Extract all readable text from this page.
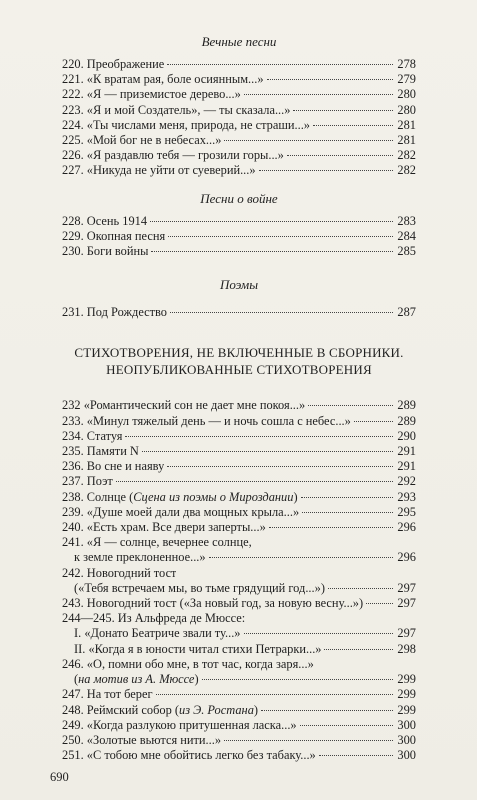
Вечные песни

220.
Преображение	278
221.
«К вратам рая, боле осиянным...»	279
222.
«Я — приземистое дерево...»	280
223.
«Я и мой Создатель», — ты сказала...»	280
224.
«Ты числами меня, природа, не страши...»	281
225.
«Мой бог не в небесах...»	281
226.
«Я раздавлю тебя — грозили горы...»	282
227.
«Никуда не уйти от суеверий...»	282

Песни о войне

228.
Осень 1914	283
229.
Окопная песня	284
230.
Боги войны	285

Поэмы

231.
Под Рождество	287

СТИХОТВОРЕНИЯ, НЕ ВКЛЮЧЕННЫЕ В СБОРНИКИ.

НЕОПУБЛИКОВАННЫЕ СТИХОТВОРЕНИЯ

232
«Романтический сон не дает мне покоя...»	289
233.
«Минул тяжелый день — и ночь сошла с небес...»	289
234.
Статуя	290
235.
Памяти N	291
236.
Во сне и наяву	291
237.
Поэт	292
238.
Солнце (Сцена из поэмы о Мироздании)	293
239.
«Душе моей дали два мощных крыла...»	295
240.
«Есть храм. Все двери заперты...»	296
241.
«Я — солнце, вечернее солнце,
к земле преклоненное...»	296
242.
Новогодний тост
(«Тебя встречаем мы, во тьме грядущий год...»)	297
243.
Новогодний тост («За новый год, за новую весну...»)	297
244—245.
Из Альфреда де Мюссе:
I.
«Донато Беатриче звали ту...»	297
II.
«Когда я в юности читал стихи Петрарки...»	298
246.
«О, помни обо мне, в тот час, когда заря...»
(на мотив из А. Мюссе)	299
247.
На тот берег	299
248.
Реймский собор (из Э. Ростана)	299
249.
«Когда разлукою притушенная ласка...»	300
250.
«Золотые вьются нити...»	300
251.
«С тобою мне обойтись легко без табаку...»	300
690
